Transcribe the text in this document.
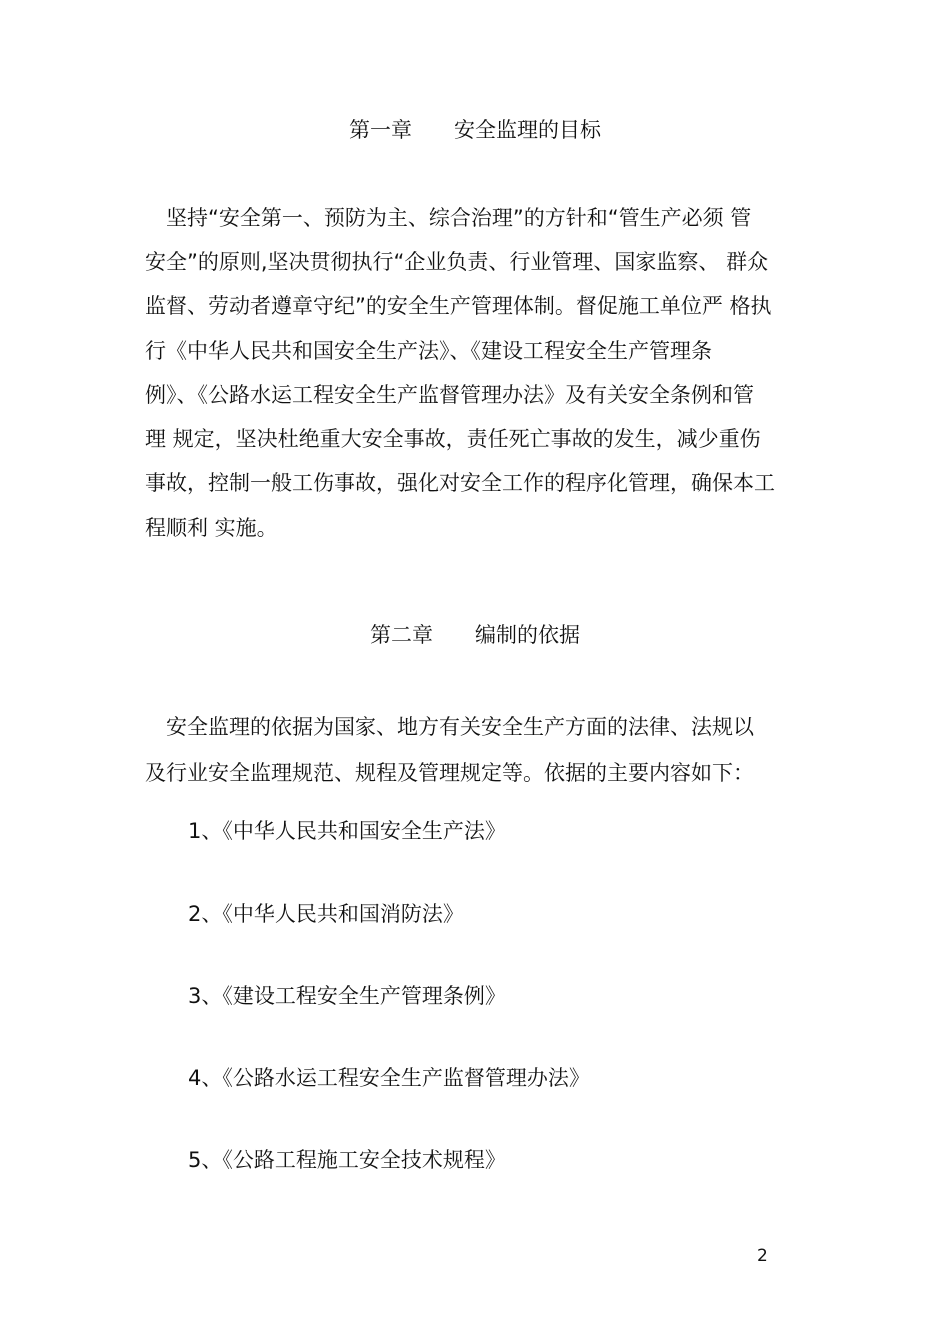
第一章　　安全监理的目标
　坚持“安全第一、预防为主、综合治理”的方针和“管生产必须 管
安全”的原则,坚决贯彻执行“企业负责、行业管理、国家监察、 群众
监督、劳动者遵章守纪”的安全生产管理体制。督促施工单位严 格执
行《中华人民共和国安全生产法》、《建设工程安全生产管理条
例》、《公路水运工程安全生产监督管理办法》及有关安全条例和管
理 规定，坚决杜绝重大安全事故，责任死亡事故的发生，减少重伤
事故，控制一般工伤事故，强化对安全工作的程序化管理，确保本工
程顺利 实施。
第二章　　编制的依据
　安全监理的依据为国家、地方有关安全生产方面的法律、法规以
及行业安全监理规范、规程及管理规定等。依据的主要内容如下：
1、《中华人民共和国安全生产法》
2、《中华人民共和国消防法》
3、《建设工程安全生产管理条例》
4、《公路水运工程安全生产监督管理办法》
5、《公路工程施工安全技术规程》
2
